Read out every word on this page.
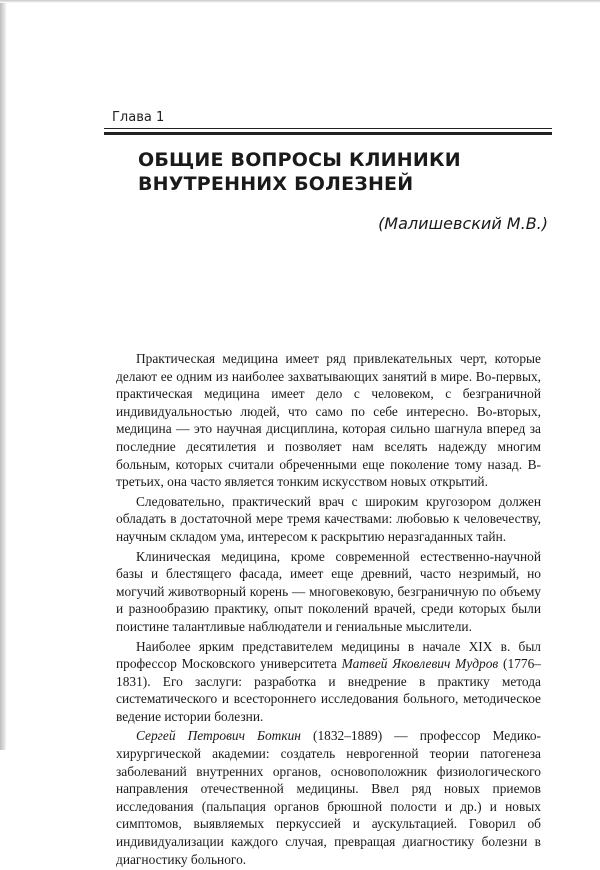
Глава 1
ОБЩИЕ ВОПРОСЫ КЛИНИКИ
ВНУТРЕННИХ БОЛЕЗНЕЙ

(Малишевский М.В.)

Практическая медицина имеет ряд привлекательных черт, которые делают ее одним из наиболее захватывающих занятий в мире. Во-первых, практическая медицина имеет дело с человеком, с безграничной индивидуальностью людей, что само по себе интересно. Во-вторых, медицина — это научная дисциплина, которая сильно шагнула вперед за последние десятилетия и позволяет нам вселять надежду многим больным, которых считали обреченными еще поколение тому назад. В-третьих, она часто является тонким искусством новых открытий.

Следовательно, практический врач с широким кругозором должен обладать в достаточной мере тремя качествами: любовью к человечеству, научным складом ума, интересом к раскрытию неразгаданных тайн.

Клиническая медицина, кроме современной естественно-научной базы и блестящего фасада, имеет еще древний, часто незримый, но могучий животворный корень — многовековую, безграничную по объему и разнообразию практику, опыт поколений врачей, среди которых были поистине талантливые наблюдатели и гениальные мыслители.

Наиболее ярким представителем медицины в начале XIX в. был профессор Московского университета Матвей Яковлевич Мудров (1776–1831). Его заслуги: разработка и внедрение в практику метода систематического и всестороннего исследования больного, методическое ведение истории болезни.

Сергей Петрович Боткин (1832–1889) — профессор Медико-хирургической академии: создатель неврогенной теории патогенеза заболеваний внутренних органов, основоположник физиологического направления отечественной медицины. Ввел ряд новых приемов исследования (пальпация органов брюшной полости и др.) и новых симптомов, выявляемых перкуссией и аускультацией. Говорил об индивидуализации каждого случая, превращая диагностику болезни в диагностику больного.
